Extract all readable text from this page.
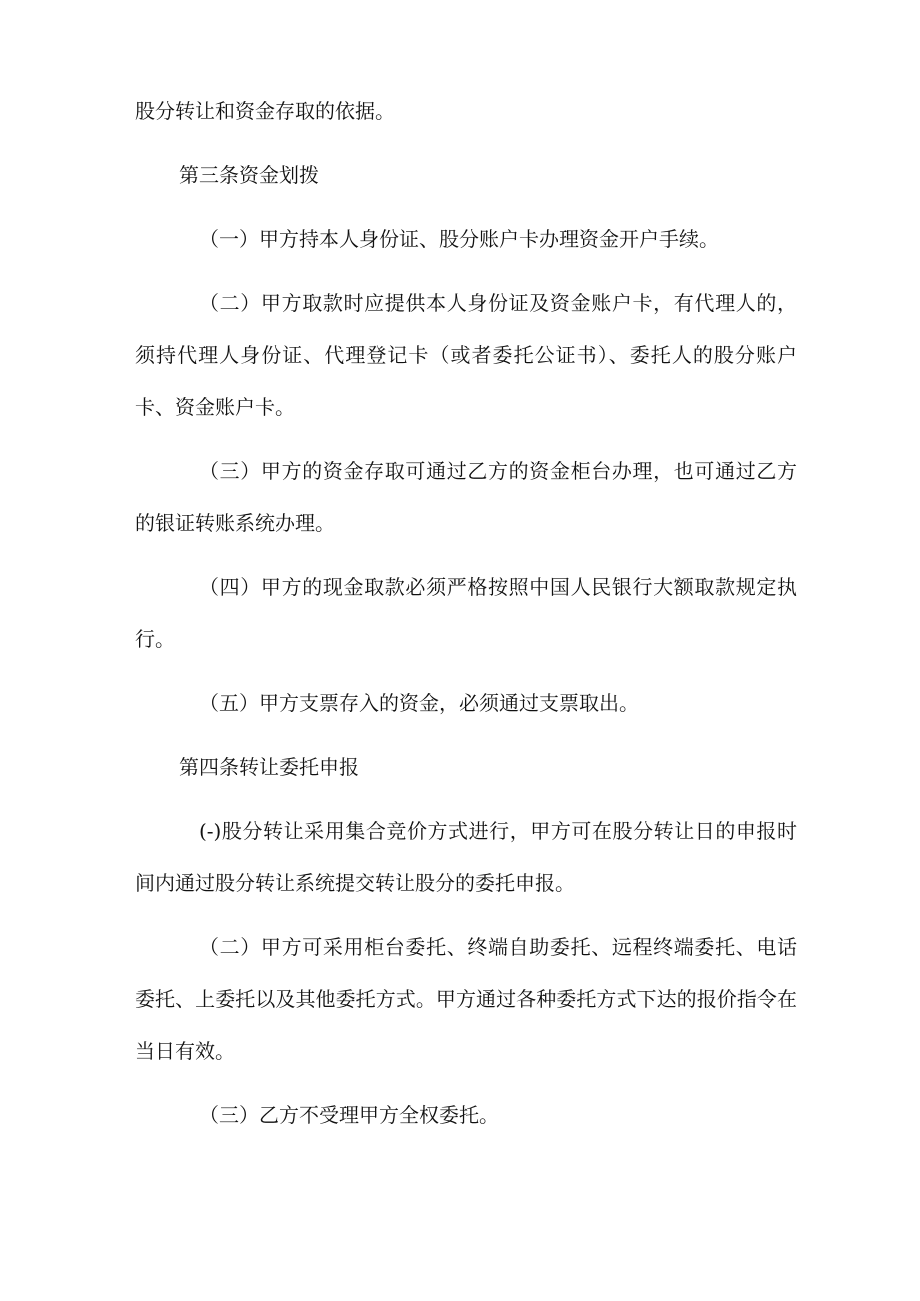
股分转让和资金存取的依据。

第三条资金划拨

（一）甲方持本人身份证、股分账户卡办理资金开户手续。

（二）甲方取款时应提供本人身份证及资金账户卡，有代理人的，须持代理人身份证、代理登记卡（或者委托公证书）、委托人的股分账户卡、资金账户卡。

（三）甲方的资金存取可通过乙方的资金柜台办理，也可通过乙方的银证转账系统办理。

（四）甲方的现金取款必须严格按照中国人民银行大额取款规定执行。

（五）甲方支票存入的资金，必须通过支票取出。

第四条转让委托申报

(-)股分转让采用集合竞价方式进行，甲方可在股分转让日的申报时间内通过股分转让系统提交转让股分的委托申报。

（二）甲方可采用柜台委托、终端自助委托、远程终端委托、电话委托、上委托以及其他委托方式。甲方通过各种委托方式下达的报价指令在当日有效。

（三）乙方不受理甲方全权委托。
